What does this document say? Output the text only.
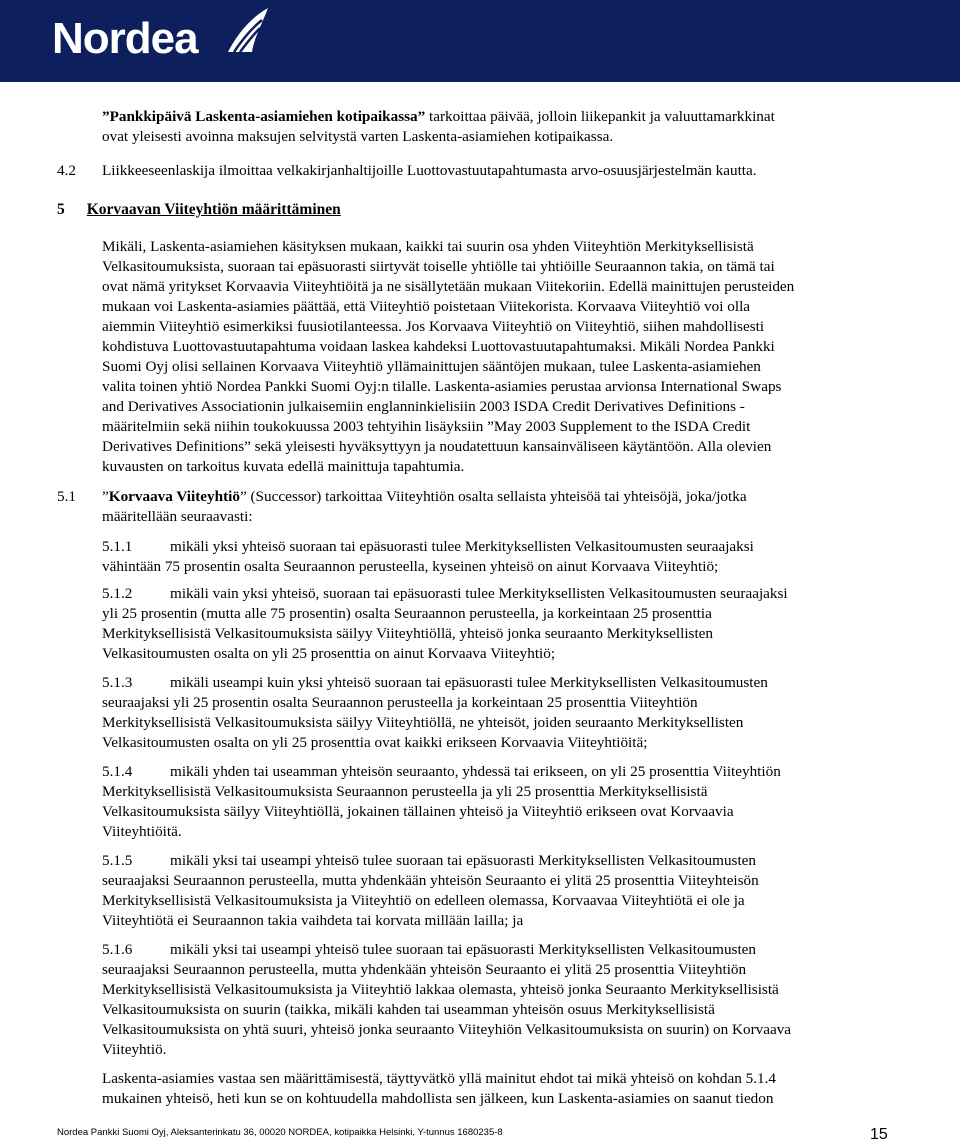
Nordea

”Pankkipäivä Laskenta-asiamiehen kotipaikassa” tarkoittaa päivää, jolloin liikepankit ja valuuttamarkkinat

ovat yleisesti avoinna maksujen selvitystä varten Laskenta-asiamiehen kotipaikassa.

4.2 Liikkeeseenlaskija ilmoittaa velkakirjanhaltijoille Luottovastuutapahtumasta arvo-osuusjärjestelmän kautta.

5 Korvaavan Viiteyhtiön määrittäminen
Mikäli, Laskenta-asiamiehen käsityksen mukaan, kaikki tai suurin osa yhden Viiteyhtiön Merkityksellisistä
Velkasitoumuksista, suoraan tai epäsuorasti siirtyvät toiselle yhtiölle tai yhtiöille Seuraannon takia, on tämä tai
ovat nämä yritykset Korvaavia Viiteyhtiöitä ja ne sisällytetään mukaan Viitekoriin. Edellä mainittujen perusteiden
mukaan voi Laskenta-asiamies päättää, että Viiteyhtiö poistetaan Viitekorista. Korvaava Viiteyhtiö voi olla
aiemmin Viiteyhtiö esimerkiksi fuusiotilanteessa. Jos Korvaava Viiteyhtiö on Viiteyhtiö, siihen mahdollisesti
kohdistuva Luottovastuutapahtuma voidaan laskea kahdeksi Luottovastuutapahtumaksi. Mikäli Nordea Pankki
Suomi Oyj olisi sellainen Korvaava Viiteyhtiö yllämainittujen sääntöjen mukaan, tulee Laskenta-asiamiehen
valita toinen yhtiö Nordea Pankki Suomi Oyj:n tilalle. Laskenta-asiamies perustaa arvionsa International Swaps
and Derivatives Associationin julkaisemiin englanninkielisiin 2003 ISDA Credit Derivatives Definitions -
määritelmiin sekä niihin toukokuussa 2003 tehtyihin lisäyksiin ”May 2003 Supplement to the ISDA Credit
Derivatives Definitions” sekä yleisesti hyväksyttyyn ja noudatettuun kansainväliseen käytäntöön. Alla olevien
kuvausten on tarkoitus kuvata edellä mainittuja tapahtumia.
5.1 ”Korvaava Viiteyhtiö” (Successor) tarkoittaa Viiteyhtiön osalta sellaista yhteisöä tai yhteisöjä, joka/jotka

määritellään seuraavasti:

5.1.1 mikäli yksi yhteisö suoraan tai epäsuorasti tulee Merkityksellisten Velkasitoumusten seuraajaksi
vähintään 75 prosentin osalta Seuraannon perusteella, kyseinen yhteisö on ainut Korvaava Viiteyhtiö;
5.1.2 mikäli vain yksi yhteisö, suoraan tai epäsuorasti tulee Merkityksellisten Velkasitoumusten seuraajaksi
yli 25 prosentin (mutta alle 75 prosentin) osalta Seuraannon perusteella, ja korkeintaan 25 prosenttia
Merkityksellisistä Velkasitoumuksista säilyy Viiteyhtiöllä, yhteisö jonka seuraanto Merkityksellisten
Velkasitoumusten osalta on yli 25 prosenttia on ainut Korvaava Viiteyhtiö;
5.1.3 mikäli useampi kuin yksi yhteisö suoraan tai epäsuorasti tulee Merkityksellisten Velkasitoumusten
seuraajaksi yli 25 prosentin osalta Seuraannon perusteella ja korkeintaan 25 prosenttia Viiteyhtiön
Merkityksellisistä Velkasitoumuksista säilyy Viiteyhtiöllä, ne yhteisöt, joiden seuraanto Merkityksellisten
Velkasitoumusten osalta on yli 25 prosenttia ovat kaikki erikseen Korvaavia Viiteyhtiöitä;
5.1.4 mikäli yhden tai useamman yhteisön seuraanto, yhdessä tai erikseen, on yli 25 prosenttia Viiteyhtiön
Merkityksellisistä Velkasitoumuksista Seuraannon perusteella ja yli 25 prosenttia Merkityksellisistä
Velkasitoumuksista säilyy Viiteyhtiöllä, jokainen tällainen yhteisö ja Viiteyhtiö erikseen ovat Korvaavia
Viiteyhtiöitä.
5.1.5 mikäli yksi tai useampi yhteisö tulee suoraan tai epäsuorasti Merkityksellisten Velkasitoumusten
seuraajaksi Seuraannon perusteella, mutta yhdenkään yhteisön Seuraanto ei ylitä 25 prosenttia Viiteyhteisön
Merkityksellisistä Velkasitoumuksista ja Viiteyhtiö on edelleen olemassa, Korvaavaa Viiteyhtiötä ei ole ja
Viiteyhtiötä ei Seuraannon takia vaihdeta tai korvata millään lailla; ja
5.1.6 mikäli yksi tai useampi yhteisö tulee suoraan tai epäsuorasti Merkityksellisten Velkasitoumusten
seuraajaksi Seuraannon perusteella, mutta yhdenkään yhteisön Seuraanto ei ylitä 25 prosenttia Viiteyhtiön
Merkityksellisistä Velkasitoumuksista ja Viiteyhtiö lakkaa olemasta, yhteisö jonka Seuraanto Merkityksellisistä
Velkasitoumuksista on suurin (taikka, mikäli kahden tai useamman yhteisön osuus Merkityksellisistä
Velkasitoumuksista on yhtä suuri, yhteisö jonka seuraanto Viiteyhiön Velkasitoumuksista on suurin) on Korvaava
Viiteyhtiö.
Laskenta-asiamies vastaa sen määrittämisestä, täyttyvätkö yllä mainitut ehdot tai mikä yhteisö on kohdan 5.1.4
mukainen yhteisö, heti kun se on kohtuudella mahdollista sen jälkeen, kun Laskenta-asiamies on saanut tiedon
Nordea Pankki Suomi Oyj, Aleksanterinkatu 36, 00020 NORDEA, kotipaikka Helsinki, Y-tunnus 1680235-8	15
